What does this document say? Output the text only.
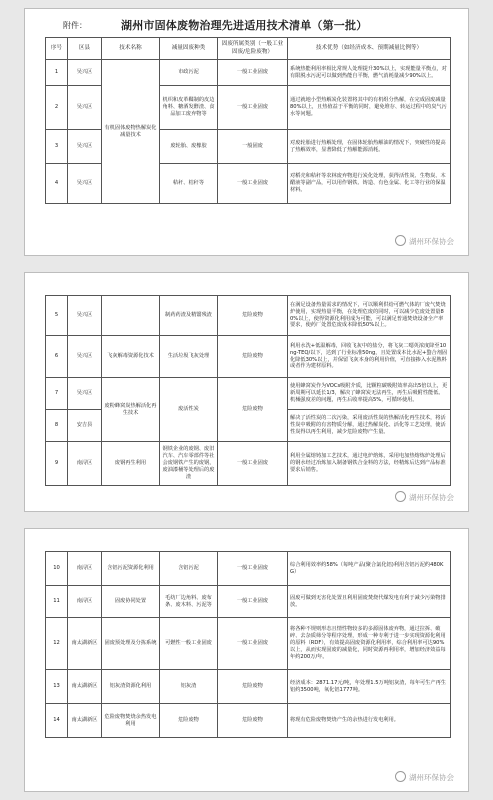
附件：	湖州市固体废物治理先进适用技术清单（第一批）
序号	区县	技术名称	减量固废种类	固废所属类别（一般工业固废/危险废物）	技术优势（如经济成本、预期减量比例等）
1	吴兴区	有机固体废物热解炭化减量技术	市政污泥	一般工业固废	系统热能利用率相比常规人处理提升30%以上，实现能量平衡点，对有限脱水污泥可以做到热能自平衡，燃气消耗量减少90%以上。
2	吴兴区		机织和皮革鞣制的皮边角料、糖酒发酵渣、食品加工废弃物等	一般工业固废	通过就地小型热解炭化装置将其中的有机组分热解，在完成固废减量80%以上，且热值益于平衡的同时，避免堆存、转运过程中的臭气污水等问题。
3	吴兴区		废轮胎、废橡胶	一般固废	对废轮胎进行热解处理，在固体轮胎热解油的情况下，突破性的提高了热解效率，显著降低了热解能源消耗。
4	吴兴区		秸秆、桔秆等	一般工业固废	对稻壳和秸秆等农林废弃物进行炭化处理，获得活性炭、生物炭、木醋液等副产品，可以用作钢铁、铸造、有色金属、化工等行业的保温材料。
湖州环保协会
5	吴兴区		制药药渣及精馏残渣	危险废物	在满足设备热量需求的情况下，可以顺利供给可燃气体的厂废气焚烧炉使用，实现热量平衡，在处理危废的同时，可以减少危废处置量80%以上，使得资源化利用成为可能，可以满足普通焚烧设备全产率要求，使药厂处置危废成本降低50%以上。
6	吴兴区	飞灰解毒资源化技术	生活垃圾飞灰处理	危险废物	利用水洗+低温解毒，回收飞灰中的盐分，将飞灰二噁英浓度降至10ng-TEQ/以下，达到了行业标准50ng，且处置成本比水泥+螯合剂固化降低30%以上，并保留飞灰本身的利用价值，可直接掺入水泥熟料或者作为建材原料。
7	吴兴区	废粉蜂窝炭热解活化再生技术	废活性炭	危险废物	使用蜂窝炭作为VOCs吸附介质，比颗粒碳吸附效率高出5倍以上，更新周期可以延长1/3，解决了蜂窝炭无法再生，再生后吸附性能低、机械强度差的问题，再生后收率提高5%，可循环使用。
8	安吉县				解决了活性炭的二次污染，采用废活性炭的热解活化再生技术，将活性炭中吸附的有害物质分解，通过热解炭化、活化等工艺处理，使活性炭得以再生利用，减少危险废物产生量。
9	南浔区	废钢再生利用	钢铁企业的废钢、废旧汽车、汽车零部件等社会废钢铁产生的废钢，废油漆桶等处理后的废渣	一般工业固废	利用全属熔铸加工艺技术，通过电炉熔炼，采用电加热熔炼炉处理后的钢水经过冶炼加入制备钢铁合金料的方法，经精炼后达到产品标准要求后销售。
湖州环保协会
10	南浔区	含铝污泥资源化利用	含铝污泥	一般工业固废	综合利用效率约58%（每吨产品(聚合氯化铝)利用含铝污泥约480KG）
11	南浔区	固废协同处置	毛纺厂边角料、废布条、废木料、污泥等	一般工业固废	固废可做到无害化处置且利用固废焚烧代煤发电有利于减少污染物排放。
12	南太湖新区	固废预处理及分拣系统	可燃性一般工业固废	一般工业固废	将各种不规则形态且情性物较多的多源固体废弃物，通过拉拆、破碎、去杂质筛分等程序处理，形成一种专利于进一步实现资源化利用的原料（RDF），有效提高固废资源化利用率，综合利用率可达90%以上，从而实现固废的减量化，同时资源再利用率，增加经济效益每年约200万/年。
13	南太湖新区	铝灰渣资源化利用	铝灰渣	危险废物	经济成本：2871.17元/吨，年处理1.5万吨铝灰渣，每年可生产再生铝约3500吨，氧化铝1777吨。
14	南太湖新区	危险废物焚烧余热发电利用	危险废物	危险废物	将现有危险废物焚烧产生的余热进行发电利用。
湖州环保协会
